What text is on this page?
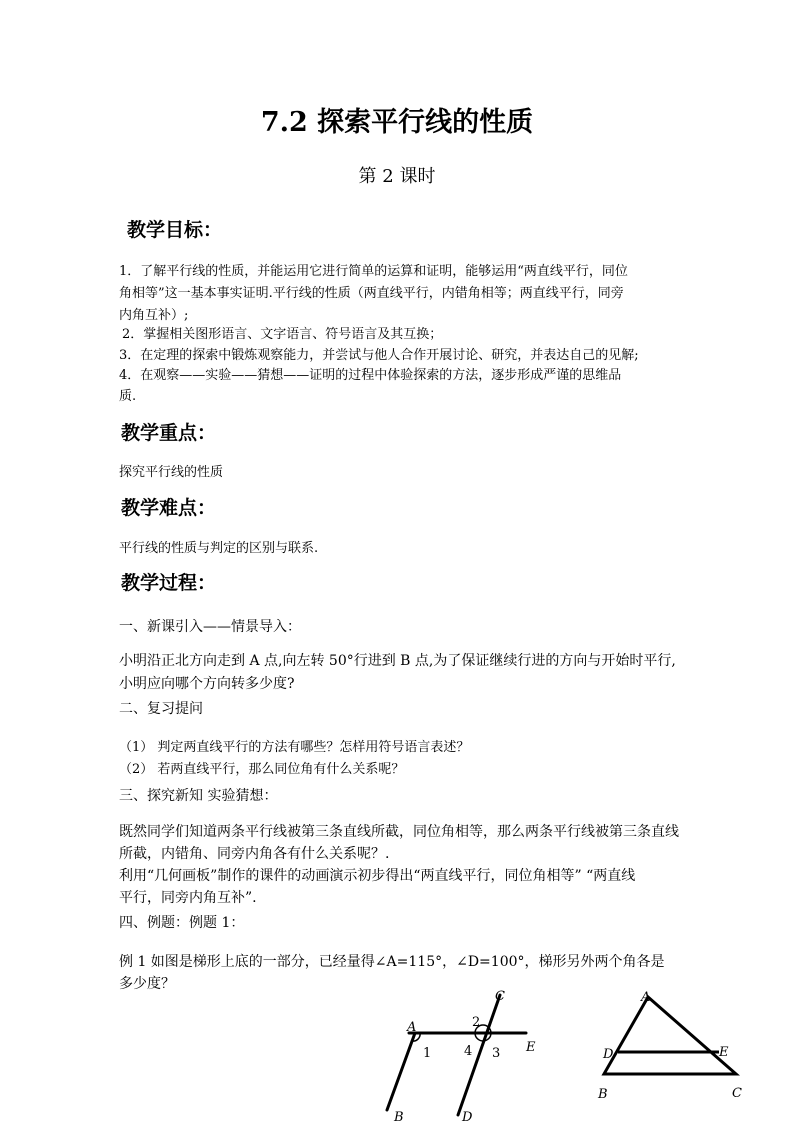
7.2 探索平行线的性质
第 2 课时
教学目标：
1．了解平行线的性质，并能运用它进行简单的运算和证明，能够运用“两直线平行，同位
角相等”这一基本事实证明.平行线的性质（两直线平行，内错角相等；两直线平行，同旁
内角互补）;
2．掌握相关图形语言、文字语言、符号语言及其互换；
3．在定理的探索中锻炼观察能力，并尝试与他人合作开展讨论、研究，并表达自己的见解;
4．在观察——实验——猜想——证明的过程中体验探索的方法，逐步形成严谨的思维品
质.
教学重点：
探究平行线的性质
教学难点：
平行线的性质与判定的区别与联系.
教学过程：
一、新课引入——情景导入：
小明沿正北方向走到 A 点,向左转 50°行进到 B 点,为了保证继续行进的方向与开始时平行,
小明应向哪个方向转多少度?
二、复习提问
（1） 判定两直线平行的方法有哪些？怎样用符号语言表述？
（2） 若两直线平行，那么同位角有什么关系呢？
三、探究新知 实验猜想：
既然同学们知道两条平行线被第三条直线所截，同位角相等，那么两条平行线被第三条直线
所截，内错角、同旁内角各有什么关系呢？.
利用“几何画板”制作的课件的动画演示初步得出“两直线平行，同位角相等” “两直线
平行，同旁内角互补”.
四、例题：例题 1：
例 1 如图是梯形上底的一部分，已经量得∠A=115°，∠D=100°，梯形另外两个角各是
多少度？
A
B
C
D
E
1
2
3
4
A
B	C
D	E
